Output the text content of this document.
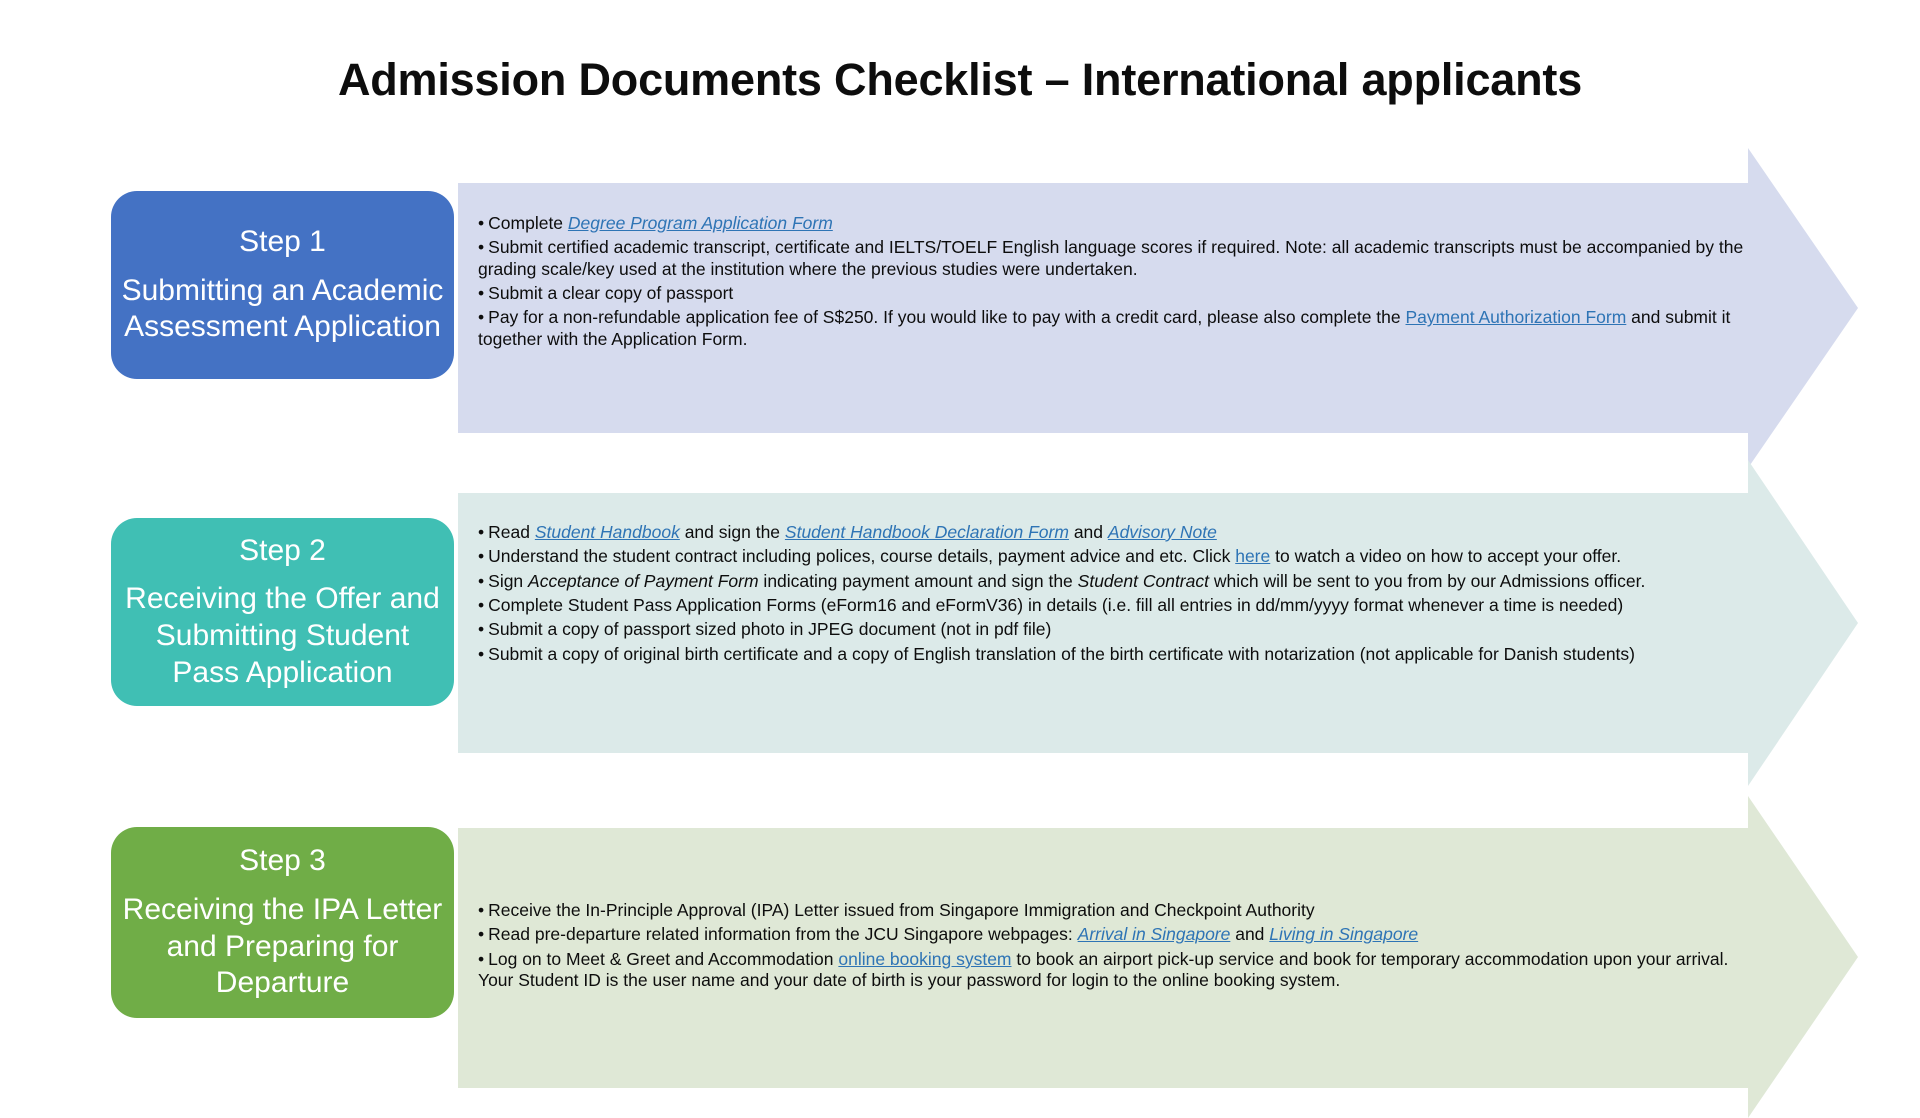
Admission Documents Checklist – International applicants
Step 1
Submitting an Academic Assessment Application

• Complete Degree Program Application Form

• Submit certified academic transcript, certificate and IELTS/TOELF English language scores if required. Note: all academic transcripts must be accompanied by the grading scale/key used at the institution where the previous studies were undertaken.

• Submit a clear copy of passport

• Pay for a non-refundable application fee of S$250. If you would like to pay with a credit card, please also complete the Payment Authorization Form and submit it together with the Application Form.

Step 2
Receiving the Offer and Submitting Student Pass Application

• Read Student Handbook and sign the Student Handbook Declaration Form and Advisory Note

• Understand the student contract including polices, course details, payment advice and etc. Click here to watch a video on how to accept your offer.

• Sign Acceptance of Payment Form indicating payment amount and sign the Student Contract which will be sent to you from by our Admissions officer.

• Complete Student Pass Application Forms (eForm16 and eFormV36) in details (i.e. fill all entries in dd/mm/yyyy format whenever a time is needed)

• Submit a copy of passport sized photo in JPEG document (not in pdf file)

• Submit a copy of original birth certificate and a copy of English translation of the birth certificate with notarization (not applicable for Danish students)

Step 3
Receiving the IPA Letter and Preparing for Departure

• Receive the In-Principle Approval (IPA) Letter issued from Singapore Immigration and Checkpoint Authority

• Read pre-departure related information from the JCU Singapore webpages: Arrival in Singapore and Living in Singapore

• Log on to Meet & Greet and Accommodation online booking system to book an airport pick-up service and book for temporary accommodation upon your arrival. Your Student ID is the user name and your date of birth is your password for login to the online booking system.
